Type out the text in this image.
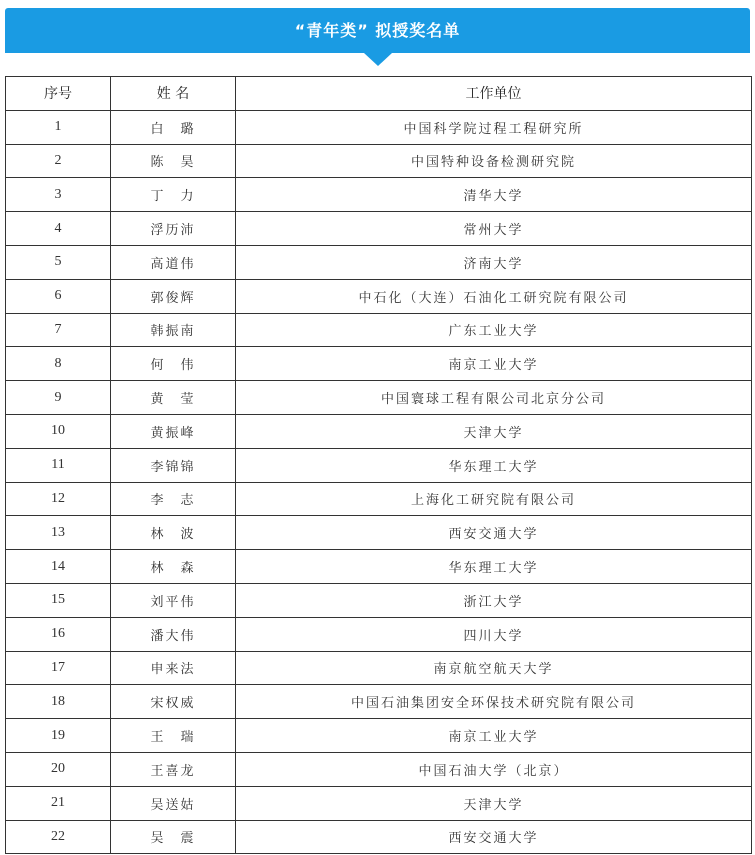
“青年类” 拟授奖名单
序号	姓 名	工作单位
1	白　璐	中国科学院过程工程研究所
2	陈　昊	中国特种设备检测研究院
3	丁　力	清华大学
4	浮历沛	常州大学
5	高道伟	济南大学
6	郭俊辉	中石化（大连）石油化工研究院有限公司
7	韩振南	广东工业大学
8	何　伟	南京工业大学
9	黄　莹	中国寰球工程有限公司北京分公司
10	黄振峰	天津大学
11	李锦锦	华东理工大学
12	李　志	上海化工研究院有限公司
13	林　波	西安交通大学
14	林　森	华东理工大学
15	刘平伟	浙江大学
16	潘大伟	四川大学
17	申来法	南京航空航天大学
18	宋权威	中国石油集团安全环保技术研究院有限公司
19	王　瑞	南京工业大学
20	王喜龙	中国石油大学（北京）
21	吴送姑	天津大学
22	吴　震	西安交通大学
